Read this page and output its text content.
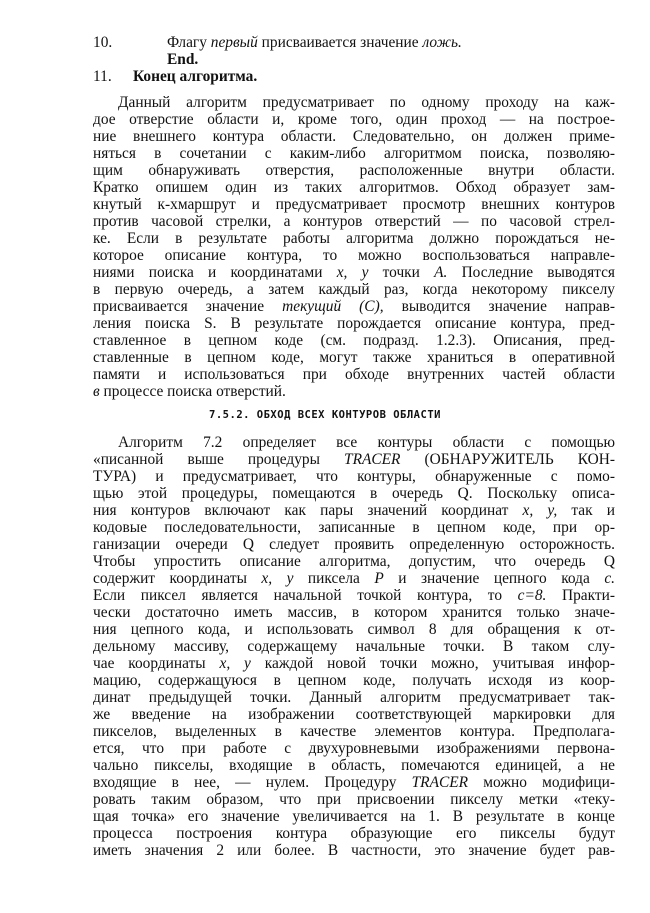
10.	Флагу первый присваивается значение ложь.
End.
11. Конец алгоритма.
Данный алгоритм предусматривает по одному проходу на каж-
дое отверстие области и, кроме того, один проход — на построе-
ние внешнего контура области. Следовательно, он должен приме-
няться в сочетании с каким-либо алгоритмом поиска, позволяю-
щим обнаруживать отверстия, расположенные внутри области.
Кратко опишем один из таких алгоритмов. Обход образует зам-
кнутый к-хмаршрут и предусматривает просмотр внешних контуров
против часовой стрелки, а контуров отверстий — по часовой стрел-
ке. Если в результате работы алгоритма должно порождаться не-
которое описание контура, то можно воспользоваться направле-
ниями поиска и координатами х, у точки А. Последние выводятся
в первую очередь, а затем каждый раз, когда некоторому пикселу
присваивается значение текущий (С), выводится значение направ-
ления поиска S. В результате порождается описание контура, пред-
ставленное в цепном коде (см. подразд. 1.2.3). Описания, пред-
ставленные в цепном коде, могут также храниться в оперативной
памяти и использоваться при обходе внутренних частей области
в процессе поиска отверстий.
7.5.2. ОБХОД ВСЕХ КОНТУРОВ ОБЛАСТИ
Алгоритм 7.2 определяет все контуры области с помощью
«писанной выше процедуры TRACER (ОБНАРУЖИТЕЛЬ КОН-
ТУРА) и предусматривает, что контуры, обнаруженные с помо-
щью этой процедуры, помещаются в очередь Q. Поскольку описа-
ния контуров включают как пары значений координат х, у, так и
кодовые последовательности, записанные в цепном коде, при ор-
ганизации очереди Q следует проявить определенную осторожность.
Чтобы упростить описание алгоритма, допустим, что очередь Q
содержит координаты х, у пиксела Р и значение цепного кода с.
Если пиксел является начальной точкой контура, то с=8. Практи-
чески достаточно иметь массив, в котором хранится только значе-
ния цепного кода, и использовать символ 8 для обращения к от-
дельному массиву, содержащему начальные точки. В таком слу-
чае координаты х, у каждой новой точки можно, учитывая инфор-
мацию, содержащуюся в цепном коде, получать исходя из коор-
динат предыдущей точки. Данный алгоритм предусматривает так-
же введение на изображении соответствующей маркировки для
пикселов, выделенных в качестве элементов контура. Предполага-
ется, что при работе с двухуровневыми изображениями первона-
чально пикселы, входящие в область, помечаются единицей, а не
входящие в нее, — нулем. Процедуру TRACER можно модифици-
ровать таким образом, что при присвоении пикселу метки «теку-
щая точка» его значение увеличивается на 1. В результате в конце
процесса построения контура образующие его пикселы будут
иметь значения 2 или более. В частности, это значение будет рав-
